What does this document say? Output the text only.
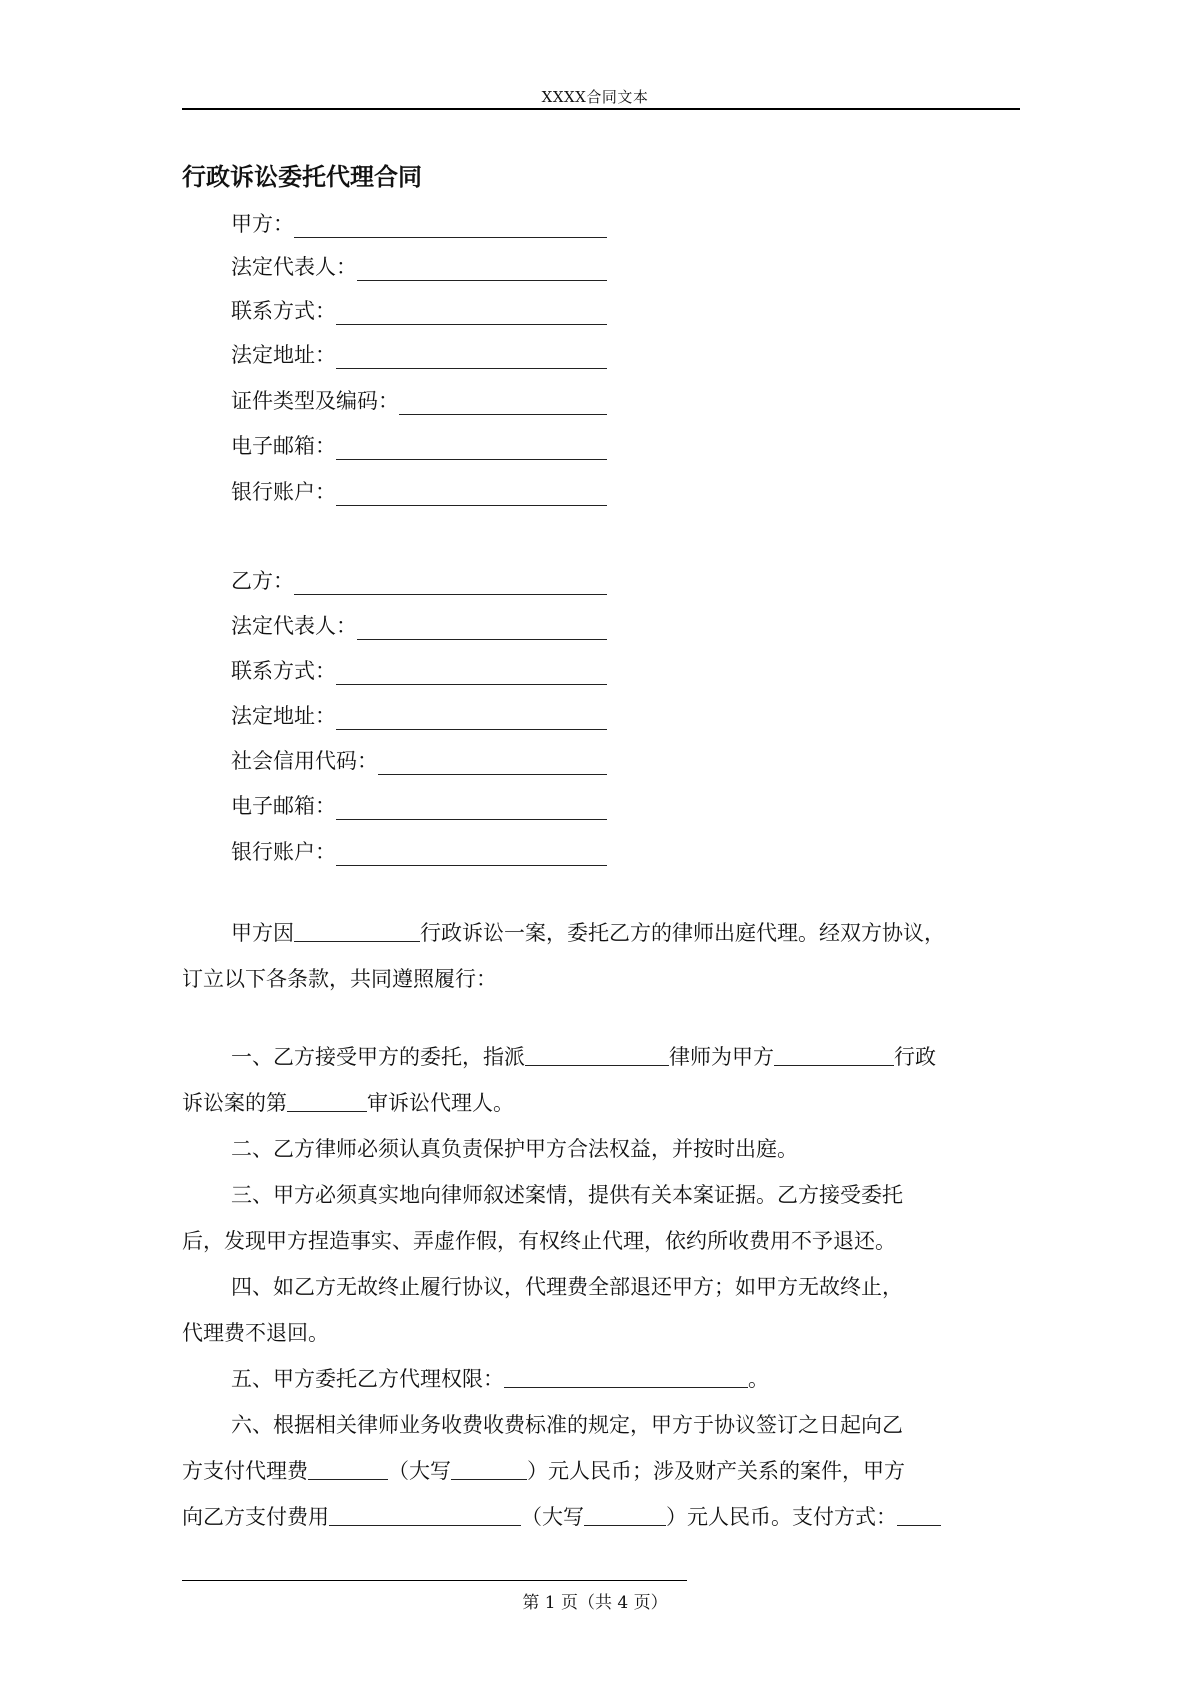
XXXX合同文本
行政诉讼委托代理合同
甲方：
法定代表人：
联系方式：
法定地址：
证件类型及编码：
电子邮箱：
银行账户：
乙方：
法定代表人：
联系方式：
法定地址：
社会信用代码：
电子邮箱：
银行账户：
甲方因	行政诉讼一案，委托乙方的律师出庭代理。经双方协议，
订立以下各条款，共同遵照履行：
一、乙方接受甲方的委托，指派	律师为甲方	行政
诉讼案的第	审诉讼代理人。
二、乙方律师必须认真负责保护甲方合法权益，并按时出庭。
三、甲方必须真实地向律师叙述案情，提供有关本案证据。乙方接受委托
后，发现甲方捏造事实、弄虚作假，有权终止代理，依约所收费用不予退还。
四、如乙方无故终止履行协议，代理费全部退还甲方；如甲方无故终止，
代理费不退回。
五、甲方委托乙方代理权限：	。
六、根据相关律师业务收费收费标准的规定，甲方于协议签订之日起向乙
方支付代理费	（大写	）元人民币；涉及财产关系的案件，甲方
向乙方支付费用	（大写	）元人民币。支付方式：
第 1 页（共 4 页）
